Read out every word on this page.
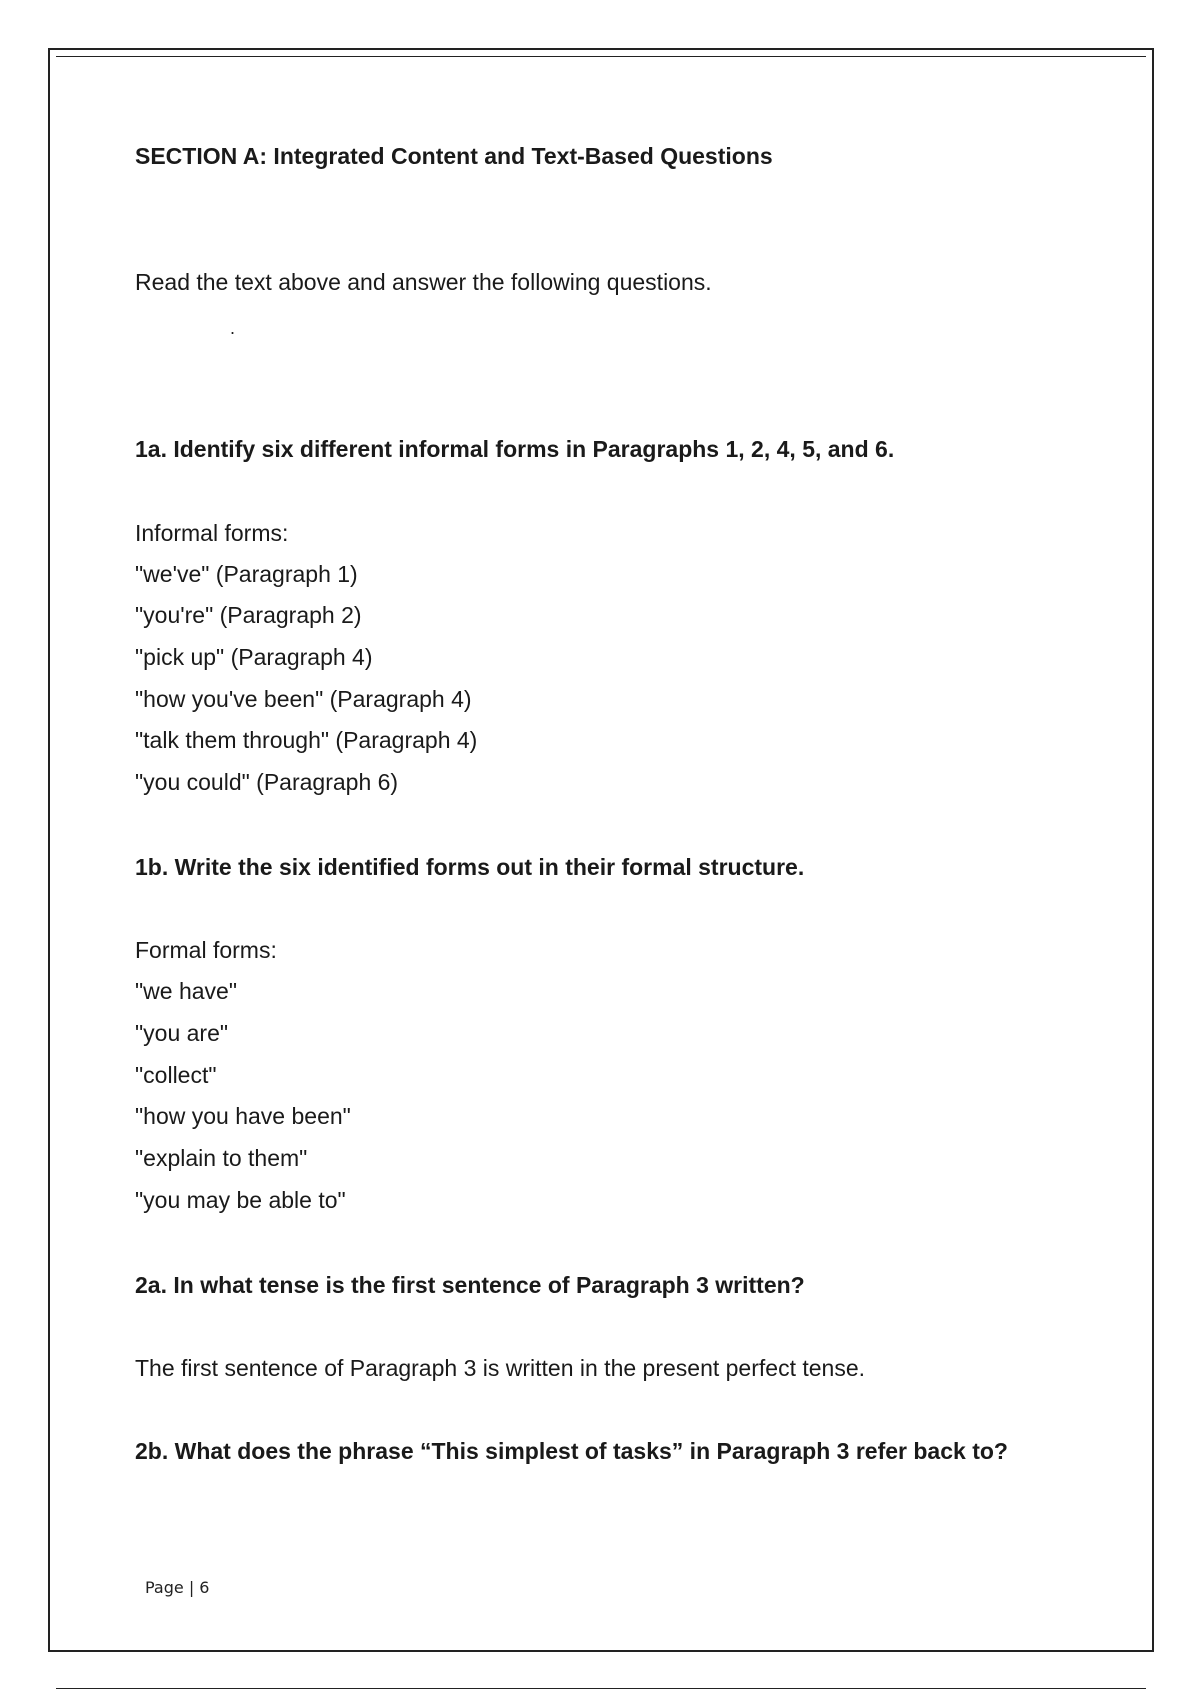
SECTION A: Integrated Content and Text-Based Questions
Read the text above and answer the following questions.
.
1a. Identify six different informal forms in Paragraphs 1, 2, 4, 5, and 6.
Informal forms:
"we've" (Paragraph 1)
"you're" (Paragraph 2)
"pick up" (Paragraph 4)
"how you've been" (Paragraph 4)
"talk them through" (Paragraph 4)
"you could" (Paragraph 6)
1b. Write the six identified forms out in their formal structure.
Formal forms:
"we have"
"you are"
"collect"
"how you have been"
"explain to them"
"you may be able to"
2a. In what tense is the first sentence of Paragraph 3 written?
The first sentence of Paragraph 3 is written in the present perfect tense.
2b. What does the phrase “This simplest of tasks” in Paragraph 3 refer back to?
Page | 6
